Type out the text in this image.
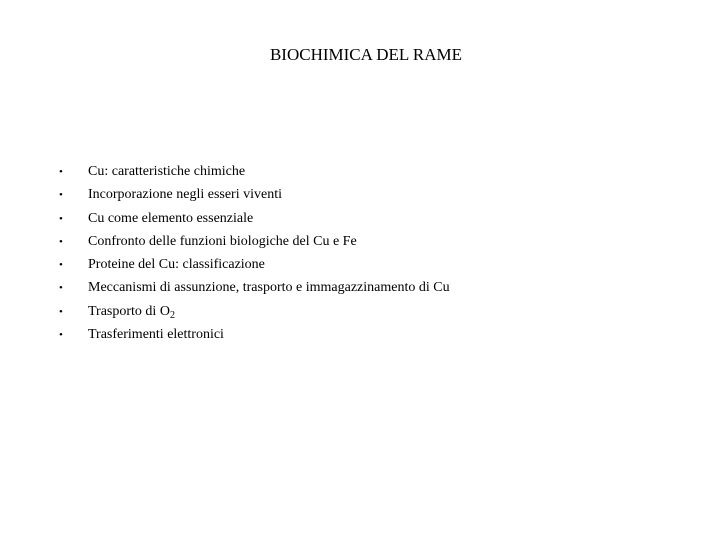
BIOCHIMICA DEL RAME
• Cu: caratteristiche chimiche
• Incorporazione negli esseri viventi
• Cu come elemento essenziale
• Confronto delle funzioni biologiche del Cu e Fe
• Proteine del Cu: classificazione
• Meccanismi di assunzione, trasporto e immagazzinamento di Cu
• Trasporto di $O_2$
• Trasferimenti elettronici
